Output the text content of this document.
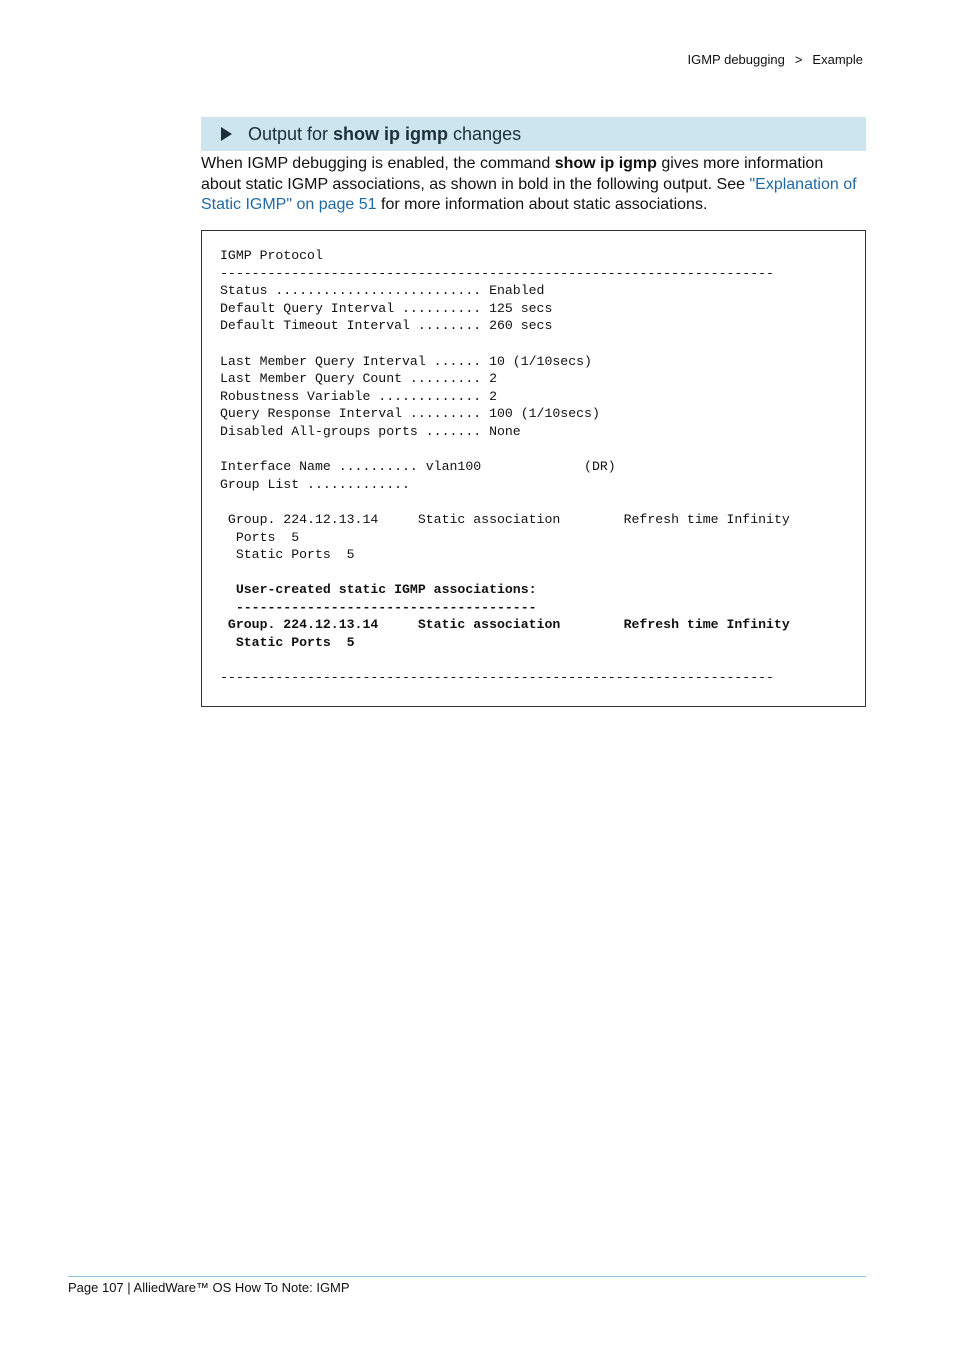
IGMP debugging > Example
Output for show ip igmp changes
When IGMP debugging is enabled, the command show ip igmp gives more information about static IGMP associations, as shown in bold in the following output. See "Explanation of Static IGMP" on page 51 for more information about static associations.
IGMP Protocol
----------------------------------------------------------------------
Status .......................... Enabled
Default Query Interval .......... 125 secs
Default Timeout Interval ........ 260 secs
Last Member Query Interval ...... 10 (1/10secs)
Last Member Query Count ......... 2
Robustness Variable ............. 2
Query Response Interval ......... 100 (1/10secs)
Disabled All-groups ports ....... None
Interface Name .......... vlan100             (DR)
Group List .............
Group. 224.12.13.14     Static association        Refresh time Infinity
Ports  5
Static Ports  5
User-created static IGMP associations:
--------------------------------------
Group. 224.12.13.14     Static association        Refresh time Infinity
Static Ports  5
----------------------------------------------------------------------
Page 107 | AlliedWare™ OS How To Note: IGMP
